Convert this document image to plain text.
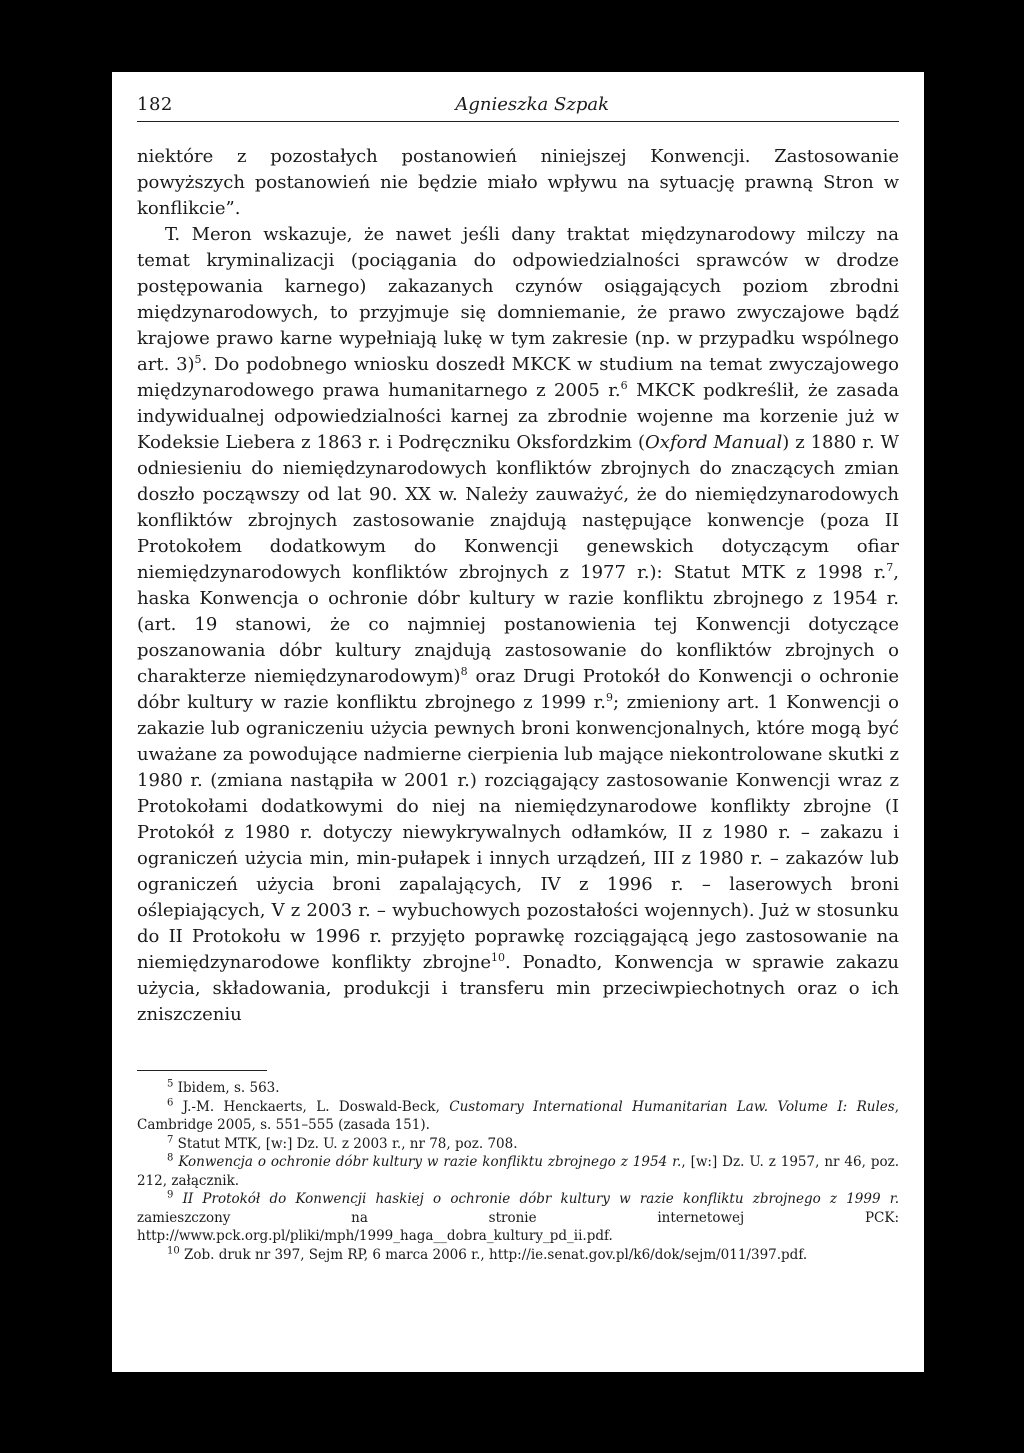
182	Agnieszka Szpak

niektóre z pozostałych postanowień niniejszej Konwencji. Zastosowanie powyższych postanowień nie będzie miało wpływu na sytuację prawną Stron w konflikcie”.

T. Meron wskazuje, że nawet jeśli dany traktat międzynarodowy milczy na temat kryminalizacji (pociągania do odpowiedzialności sprawców w drodze postępowania karnego) zakazanych czynów osiągających poziom zbrodni międzynarodowych, to przyjmuje się domniemanie, że prawo zwyczajowe bądź krajowe prawo karne wypełniają lukę w tym zakresie (np. w przypadku wspólnego art. 3)$^5$. Do podobnego wniosku doszedł MKCK w studium na temat zwyczajowego międzynarodowego prawa humanitarnego z 2005 r.$^6$ MKCK podkreślił, że zasada indywidualnej odpowiedzialności karnej za zbrodnie wojenne ma korzenie już w Kodeksie Liebera z 1863 r. i Podręczniku Oksfordzkim (Oxford Manual) z 1880 r. W odniesieniu do niemiędzynarodowych konfliktów zbrojnych do znaczących zmian doszło począwszy od lat 90. XX w. Należy zauważyć, że do niemiędzynarodowych konfliktów zbrojnych zastosowanie znajdują następujące konwencje (poza II Protokołem dodatkowym do Konwencji genewskich dotyczącym ofiar niemiędzynarodowych konfliktów zbrojnych z 1977 r.): Statut MTK z 1998 r.$^7$, haska Konwencja o ochronie dóbr kultury w razie konfliktu zbrojnego z 1954 r. (art. 19 stanowi, że co najmniej postanowienia tej Konwencji dotyczące poszanowania dóbr kultury znajdują zastosowanie do konfliktów zbrojnych o charakterze niemiędzynarodowym)$^8$ oraz Drugi Protokół do Konwencji o ochronie dóbr kultury w razie konfliktu zbrojnego z 1999 r.$^9$; zmieniony art. 1 Konwencji o zakazie lub ograniczeniu użycia pewnych broni konwencjonalnych, które mogą być uważane za powodujące nadmierne cierpienia lub mające niekontrolowane skutki z 1980 r. (zmiana nastąpiła w 2001 r.) rozciągający zastosowanie Konwencji wraz z Protokołami dodatkowymi do niej na niemiędzynarodowe konflikty zbrojne (I Protokół z 1980 r. dotyczy niewykrywalnych odłamków, II z 1980 r. – zakazu i ograniczeń użycia min, min-pułapek i innych urządzeń, III z 1980 r. – zakazów lub ograniczeń użycia broni zapalających, IV z 1996 r. – laserowych broni oślepiających, V z 2003 r. – wybuchowych pozostałości wojennych). Już w stosunku do II Protokołu w 1996 r. przyjęto poprawkę rozciągającą jego zastosowanie na niemiędzynarodowe konflikty zbrojne$^{10}$. Ponadto, Konwencja w sprawie zakazu użycia, składowania, produkcji i transferu min przeciwpiechotnych oraz o ich zniszczeniu

$^5$ Ibidem, s. 563.

$^6$ J.-M. Henckaerts, L. Doswald-Beck, Customary International Humanitarian Law. Volume I: Rules, Cambridge 2005, s. 551–555 (zasada 151).

$^7$ Statut MTK, [w:] Dz. U. z 2003 r., nr 78, poz. 708.

$^8$ Konwencja o ochronie dóbr kultury w razie konfliktu zbrojnego z 1954 r., [w:] Dz. U. z 1957, nr 46, poz. 212, załącznik.

$^9$ II Protokół do Konwencji haskiej o ochronie dóbr kultury w razie konfliktu zbrojnego z 1999 r. zamieszczony na stronie internetowej PCK: http://www.pck.org.pl/pliki/mph/1999_haga__dobra_kultury_pd_ii.pdf.

$^{10}$ Zob. druk nr 397, Sejm RP, 6 marca 2006 r., http://ie.senat.gov.pl/k6/dok/sejm/011/397.pdf.
